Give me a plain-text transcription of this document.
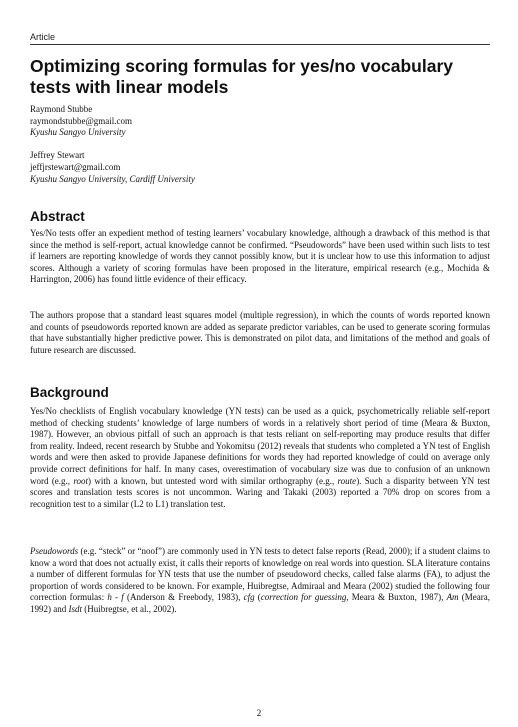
Article
Optimizing scoring formulas for yes/no vocabulary tests with linear models
Raymond Stubbe
raymondstubbe@gmail.com
Kyushu Sangyo University
Jeffrey Stewart
jeffjrstewart@gmail.com
Kyushu Sangyo University, Cardiff University
Abstract

Yes/No tests offer an expedient method of testing learners’ vocabulary knowledge, although a drawback of this method is that since the method is self-report, actual knowledge cannot be confirmed. “Pseudowords” have been used within such lists to test if learners are reporting knowledge of words they cannot possibly know, but it is unclear how to use this information to adjust scores. Although a variety of scoring formulas have been proposed in the literature, empirical research (e.g., Mochida & Harrington, 2006) has found little evidence of their efficacy.

The authors propose that a standard least squares model (multiple regression), in which the counts of words reported known and counts of pseudowords reported known are added as separate predictor variables, can be used to generate scoring formulas that have substantially higher predictive power. This is demonstrated on pilot data, and limitations of the method and goals of future research are discussed.

Background

Yes/No checklists of English vocabulary knowledge (YN tests) can be used as a quick, psychometrically reliable self-report method of checking students’ knowledge of large numbers of words in a relatively short period of time (Meara & Buxton, 1987). However, an obvious pitfall of such an approach is that tests reliant on self-reporting may produce results that differ from reality. Indeed, recent research by Stubbe and Yokomitsu (2012) reveals that students who completed a YN test of English words and were then asked to provide Japanese definitions for words they had reported knowledge of could on average only provide correct definitions for half. In many cases, overestimation of vocabulary size was due to confusion of an unknown word (e.g., root) with a known, but untested word with similar orthography (e.g., route). Such a disparity between YN test scores and translation tests scores is not uncommon. Waring and Takaki (2003) reported a 70% drop on scores from a recognition test to a similar (L2 to L1) translation test.

Pseudowords (e.g. “steck” or “noof”) are commonly used in YN tests to detect false reports (Read, 2000); if a student claims to know a word that does not actually exist, it calls their reports of knowledge on real words into question. SLA literature contains a number of different formulas for YN tests that use the number of pseudoword checks, called false alarms (FA), to adjust the proportion of words considered to be known. For example, Huibregtse, Admiraal and Meara (2002) studied the following four correction formulas: h - f (Anderson & Freebody, 1983), cfg (correction for guessing, Meara & Buxton, 1987), Am (Meara, 1992) and Isdt (Huibregtse, et al., 2002).

2
